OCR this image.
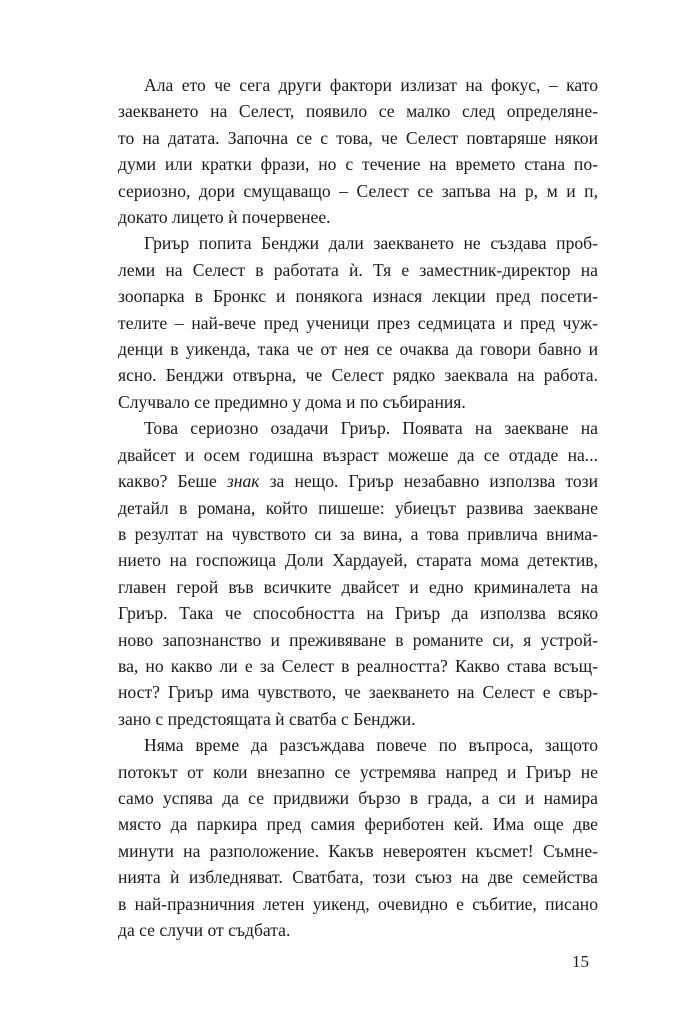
Ала ето че сега други фактори излизат на фокус, – като
заекването на Селест, появило се малко след определяне-
то на датата. Започна се с това, че Селест повтаряше някои
думи или кратки фрази, но с течение на времето стана по-
сериозно, дори смущаващо – Селест се запъва на р, м и п,
докато лицето ѝ почервенее.

Гриър попита Бенджи дали заекването не създава проб-
леми на Селест в работата ѝ. Тя е заместник-директор на
зоопарка в Бронкс и понякога изнася лекции пред посети-
телите – най-вече пред ученици през седмицата и пред чуж-
денци в уикенда, така че от нея се очаква да говори бавно и
ясно. Бенджи отвърна, че Селест рядко заеквала на работа.
Случвало се предимно у дома и по събирания.

Това сериозно озадачи Гриър. Появата на заекване на
двайсет и осем годишна възраст можеше да се отдаде на...
какво? Беше знак за нещо. Гриър незабавно използва този
детайл в романа, който пишеше: убиецът развива заекване
в резултат на чувството си за вина, а това привлича внима-
нието на госпожица Доли Хардауей, старата мома детектив,
главен герой във всичките двайсет и едно криминалета на
Гриър. Така че способността на Гриър да използва всяко
ново запознанство и преживяване в романите си, я устрой-
ва, но какво ли е за Селест в реалността? Какво става всъщ-
ност? Гриър има чувството, че заекването на Селест е свър-
зано с предстоящата ѝ сватба с Бенджи.

Няма време да разсъждава повече по въпроса, защото
потокът от коли внезапно се устремява напред и Гриър не
само успява да се придвижи бързо в града, а си и намира
място да паркира пред самия фериботен кей. Има още две
минути на разположение. Какъв невероятен късмет! Съмне-
нията ѝ избледняват. Сватбата, този съюз на две семейства
в най-празничния летен уикенд, очевидно е събитие, писано
да се случи от съдбата.

15
